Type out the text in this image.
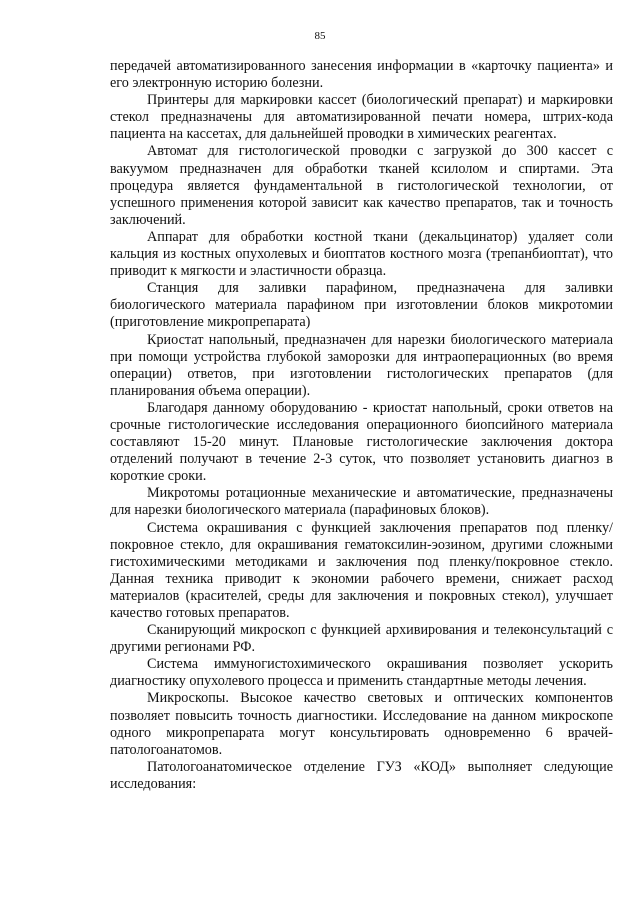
85

передачей автоматизированного занесения информации в «карточку пациента» и его электронную историю болезни.

Принтеры для маркировки кассет (биологический препарат) и маркировки стекол предназначены для автоматизированной печати номера, штрих-кода пациента на кассетах, для дальнейшей проводки в химических реагентах.

Автомат для гистологической проводки с загрузкой до 300 кассет с вакуумом предназначен для обработки тканей ксилолом и спиртами. Эта процедура является фундаментальной в гистологической технологии, от успешного применения которой зависит как качество препаратов, так и точность заключений.

Аппарат для обработки костной ткани (декальцинатор) удаляет соли кальция из костных опухолевых и биоптатов костного мозга (трепанбиоптат), что приводит к мягкости и эластичности образца.

Станция для заливки парафином, предназначена для заливки биологического материала парафином при изготовлении блоков микротомии (приготовление микропрепарата)

Криостат напольный, предназначен для нарезки биологического материала при помощи устройства глубокой заморозки для интраоперационных (во время операции) ответов, при изготовлении гистологических препаратов (для планирования объема операции).

Благодаря данному оборудованию - криостат напольный, сроки ответов на срочные гистологические исследования операционного биопсийного материала составляют 15-20 минут. Плановые гистологические заключения доктора отделений получают в течение 2-3 суток, что позволяет установить диагноз в короткие сроки.

Микротомы ротационные механические и автоматические, предназначены для нарезки биологического материала (парафиновых блоков).

Система окрашивания с функцией заключения препаратов под пленку/покровное стекло, для окрашивания гематоксилин-эозином, другими сложными гистохимическими методиками и заключения под пленку/покровное стекло. Данная техника приводит к экономии рабочего времени, снижает расход материалов (красителей, среды для заключения и покровных стекол), улучшает качество готовых препаратов.

Сканирующий микроскоп с функцией архивирования и телеконсультаций с другими регионами РФ.

Система иммуногистохимического окрашивания позволяет ускорить диагностику опухолевого процесса и применить стандартные методы лечения.

Микроскопы. Высокое качество световых и оптических компонентов позволяет повысить точность диагностики. Исследование на данном микроскопе одного микропрепарата могут консультировать одновременно 6 врачей-патологоанатомов.

Патологоанатомическое отделение ГУЗ «КОД» выполняет следующие исследования:
